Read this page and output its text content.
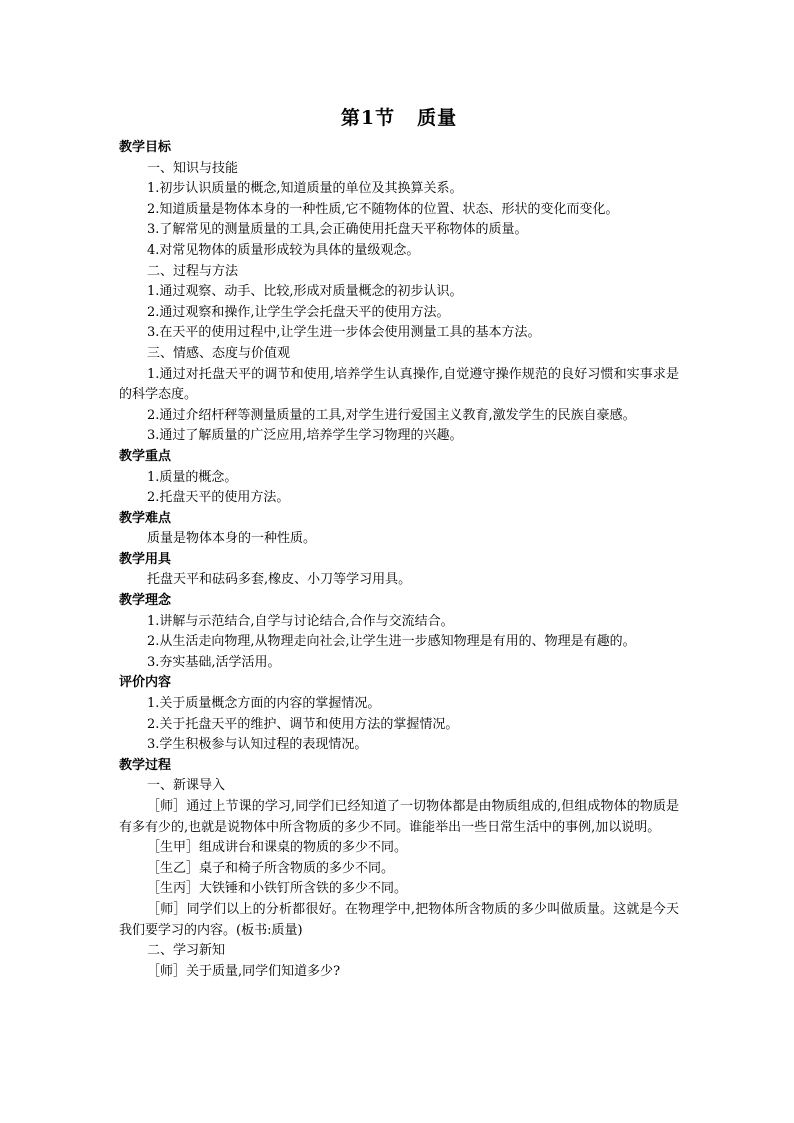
第1节 质量
教学目标
一、知识与技能
1.初步认识质量的概念,知道质量的单位及其换算关系。
2.知道质量是物体本身的一种性质,它不随物体的位置、状态、形状的变化而变化。
3.了解常见的测量质量的工具,会正确使用托盘天平称物体的质量。
4.对常见物体的质量形成较为具体的量级观念。
二、过程与方法
1.通过观察、动手、比较,形成对质量概念的初步认识。
2.通过观察和操作,让学生学会托盘天平的使用方法。
3.在天平的使用过程中,让学生进一步体会使用测量工具的基本方法。
三、情感、态度与价值观
1.通过对托盘天平的调节和使用,培养学生认真操作,自觉遵守操作规范的良好习惯和实事求是的科学态度。
2.通过介绍杆秤等测量质量的工具,对学生进行爱国主义教育,激发学生的民族自豪感。
3.通过了解质量的广泛应用,培养学生学习物理的兴趣。
教学重点
1.质量的概念。
2.托盘天平的使用方法。
教学难点
质量是物体本身的一种性质。
教学用具
托盘天平和砝码多套,橡皮、小刀等学习用具。
教学理念
1.讲解与示范结合,自学与讨论结合,合作与交流结合。
2.从生活走向物理,从物理走向社会,让学生进一步感知物理是有用的、物理是有趣的。
3.夯实基础,活学活用。
评价内容
1.关于质量概念方面的内容的掌握情况。
2.关于托盘天平的维护、调节和使用方法的掌握情况。
3.学生积极参与认知过程的表现情况。
教学过程
一、新课导入
［师］通过上节课的学习,同学们已经知道了一切物体都是由物质组成的,但组成物体的物质是有多有少的,也就是说物体中所含物质的多少不同。谁能举出一些日常生活中的事例,加以说明。
［生甲］组成讲台和课桌的物质的多少不同。
［生乙］桌子和椅子所含物质的多少不同。
［生丙］大铁锤和小铁钉所含铁的多少不同。
［师］同学们以上的分析都很好。在物理学中,把物体所含物质的多少叫做质量。这就是今天我们要学习的内容。(板书:质量)
二、学习新知
［师］关于质量,同学们知道多少?
